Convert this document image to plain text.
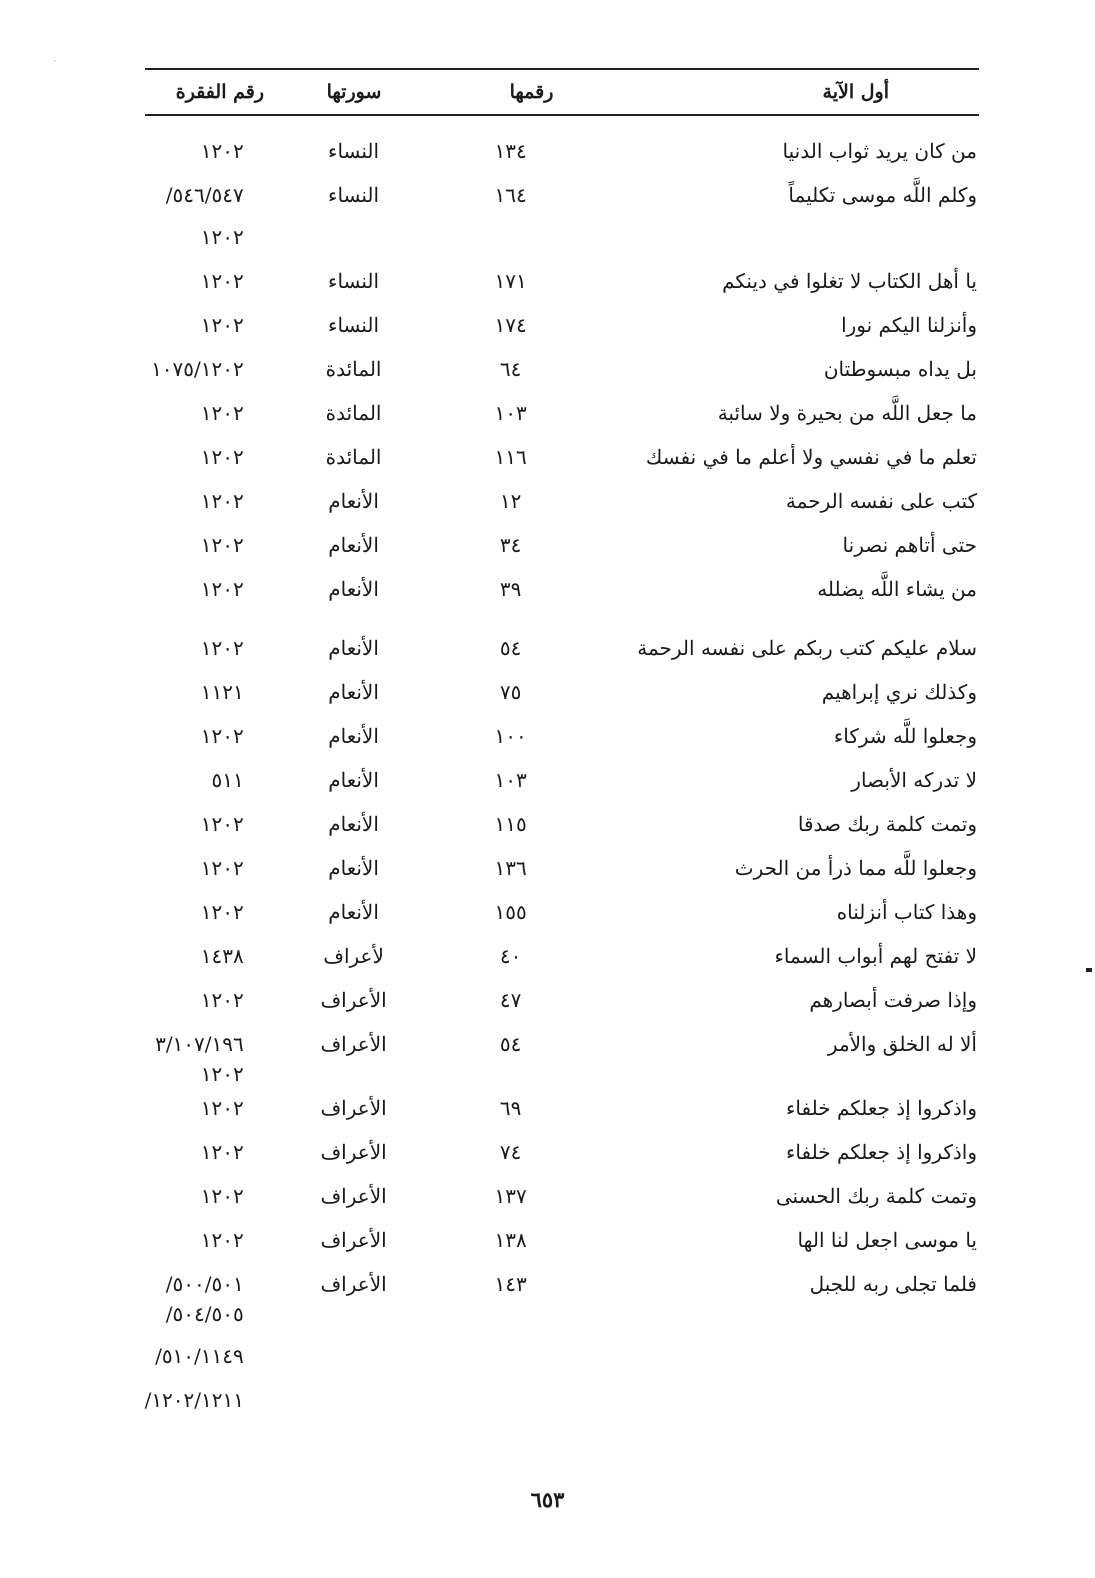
˙
أول الآية
رقمها
سورتها
رقم الفقرة
من كان يريد ثواب الدنيا
١٣٤
النساء
١٢٠٢
وكلم اللَّه موسى تكليماً
١٦٤
النساء
٥٤٦/٥٤٧/
١٢٠٢
يا أهل الكتاب لا تغلوا في دينكم
١٧١
النساء
١٢٠٢
وأنزلنا اليكم نورا
١٧٤
النساء
١٢٠٢
بل يداه مبسوطتان
٦٤
المائدة
١٠٧٥/١٢٠٢
ما جعل اللَّه من بحيرة ولا سائبة
١٠٣
المائدة
١٢٠٢
تعلم ما في نفسي ولا أعلم ما في نفسك
١١٦
المائدة
١٢٠٢
كتب على نفسه الرحمة
١٢
الأنعام
١٢٠٢
حتى أتاهم نصرنا
٣٤
الأنعام
١٢٠٢
من يشاء اللَّه يضلله
٣٩
الأنعام
١٢٠٢
سلام عليكم كتب ربكم على نفسه الرحمة
٥٤
الأنعام
١٢٠٢
وكذلك نري إبراهيم
٧٥
الأنعام
١١٢١
وجعلوا للَّه شركاء
١٠٠
الأنعام
١٢٠٢
لا تدركه الأبصار
١٠٣
الأنعام
٥١١
وتمت كلمة ربك صدقا
١١٥
الأنعام
١٢٠٢
وجعلوا للَّه مما ذرأ من الحرث
١٣٦
الأنعام
١٢٠٢
وهذا كتاب أنزلناه
١٥٥
الأنعام
١٢٠٢
لا تفتح لهم أبواب السماء
٤٠
لأعراف
١٤٣٨
وإذا صرفت أبصارهم
٤٧
الأعراف
١٢٠٢
ألا له الخلق والأمر
٥٤
الأعراف
٣/١٠٧/١٩٦
١٢٠٢
واذكروا إذ جعلكم خلفاء
٦٩
الأعراف
١٢٠٢
واذكروا إذ جعلكم خلفاء
٧٤
الأعراف
١٢٠٢
وتمت كلمة ربك الحسنى
١٣٧
الأعراف
١٢٠٢
يا موسى اجعل لنا الها
١٣٨
الأعراف
١٢٠٢
فلما تجلى ربه للجبل
١٤٣
الأعراف
٥٠٠/٥٠١/
٥٠٤/٥٠٥/
٥١٠/١١٤٩/
١٢٠٢/١٢١١/
٦٥٣
